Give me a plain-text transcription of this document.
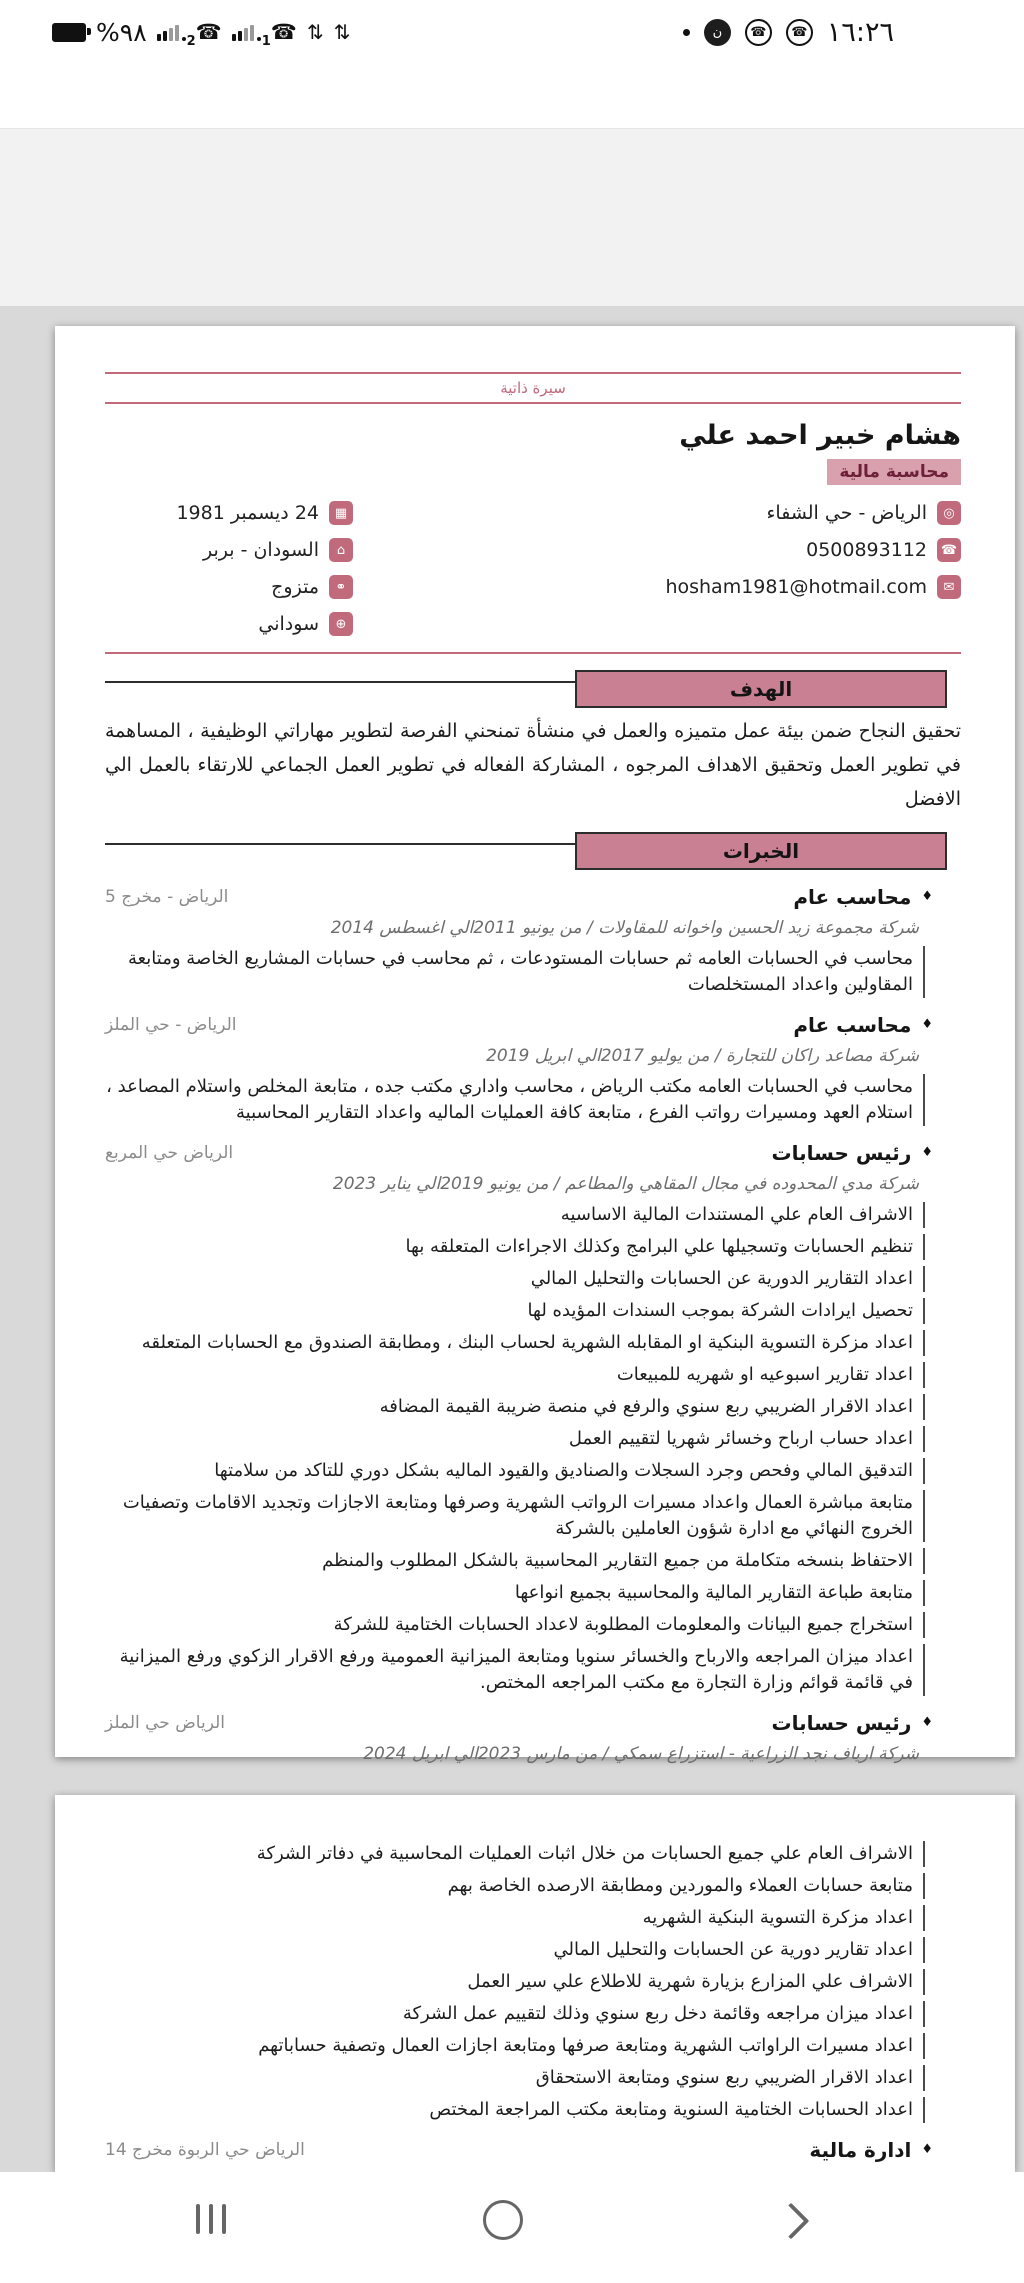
%٩٨ ☎
2	☎
1 ⇅ ⇅	ن	☎	☎ ١٦:٢٦
سيرة ذاتية
هشام خبير احمد علي
محاسبة مالية
◎
الرياض - حي الشفاء
☎
0500893112
✉
hosham1981@hotmail.com
▦
24 ديسمبر 1981
⌂
السودان - بربر
⚭
متزوج
⊕
سوداني
الهدف
تحقيق النجاح ضمن بيئة عمل متميزه والعمل في منشأة تمنحني الفرصة لتطوير مهاراتي الوظيفية ، المساهمة في تطوير العمل وتحقيق الاهداف المرجوه ، المشاركة الفعاله في تطوير العمل الجماعي للارتقاء بالعمل الي الافضل
الخبرات
♦
محاسب عام
الرياض - مخرج 5
شركة مجموعة زيد الحسين واخوانه للمقاولات / من يونيو 2011الي اغسطس 2014
محاسب في الحسابات العامه ثم حسابات المستودعات ، ثم محاسب في حسابات المشاريع الخاصة ومتابعة المقاولين واعداد المستخلصات
♦
محاسب عام
الرياض - حي الملز
شركة مصاعد راكان للتجارة / من يوليو 2017الي ابريل 2019
محاسب في الحسابات العامه مكتب الرياض ، محاسب واداري مكتب جده ، متابعة المخلص واستلام المصاعد ، استلام العهد ومسيرات رواتب الفرع ، متابعة كافة العمليات الماليه واعداد التقارير المحاسبية
♦
رئيس حسابات
الرياض حي المربع
شركة مدي المحدوده في مجال المقاهي والمطاعم / من يونيو 2019الي يناير 2023
الاشراف العام علي المستندات المالية الاساسيه
تنظيم الحسابات وتسجيلها علي البرامج وكذلك الاجراءات المتعلقه بها
اعداد التقارير الدورية عن الحسابات والتحليل المالي
تحصيل ايرادات الشركة بموجب السندات المؤيده لها
اعداد مزكرة التسوية البنكية او المقابله الشهرية لحساب البنك ، ومطابقة الصندوق مع الحسابات المتعلقه
اعداد تقارير اسبوعيه او شهريه للمبيعات
اعداد الاقرار الضريبي ربع سنوي والرفع في منصة ضريبة القيمة المضافه
اعداد حساب ارباح وخسائر شهريا لتقييم العمل
التدقيق المالي وفحص وجرد السجلات والصناديق والقيود الماليه بشكل دوري للتاكد من سلامتها
متابعة مباشرة العمال واعداد مسيرات الرواتب الشهرية وصرفها ومتابعة الاجازات وتجديد الاقامات وتصفيات الخروج النهائي مع ادارة شؤون العاملين بالشركة
الاحتفاظ بنسخه متكاملة من جميع التقارير المحاسبية بالشكل المطلوب والمنظم
متابعة طباعة التقارير المالية والمحاسبية بجميع انواعها
استخراج جميع البيانات والمعلومات المطلوبة لاعداد الحسابات الختامية للشركة
اعداد ميزان المراجعه والارباح والخسائر سنويا ومتابعة الميزانية العمومية ورفع الاقرار الزكوي ورفع الميزانية في قائمة قوائم وزارة التجارة مع مكتب المراجعه المختص.
♦
رئيس حسابات
الرياض حي الملز
شركة ارياف نجد الزراعية - استزراع سمكي / من مارس 2023الي ابريل 2024
الاشراف العام علي جميع الحسابات من خلال اثبات العمليات المحاسبية في دفاتر الشركة
متابعة حسابات العملاء والموردين ومطابقة الارصده الخاصة بهم
اعداد مزكرة التسوية البنكية الشهريه
اعداد تقارير دورية عن الحسابات والتحليل المالي
الاشراف علي المزارع بزيارة شهرية للاطلاع علي سير العمل
اعداد ميزان مراجعه وقائمة دخل ربع سنوي وذلك لتقييم عمل الشركة
اعداد مسيرات الراواتب الشهرية ومتابعة صرفها ومتابعة اجازات العمال وتصفية حساباتهم
اعداد الاقرار الضريبي ربع سنوي ومتابعة الاستحقاق
اعداد الحسابات الختامية السنوية ومتابعة مكتب المراجعة المختص
♦
ادارة مالية
الرياض حي الربوة مخرج 14
